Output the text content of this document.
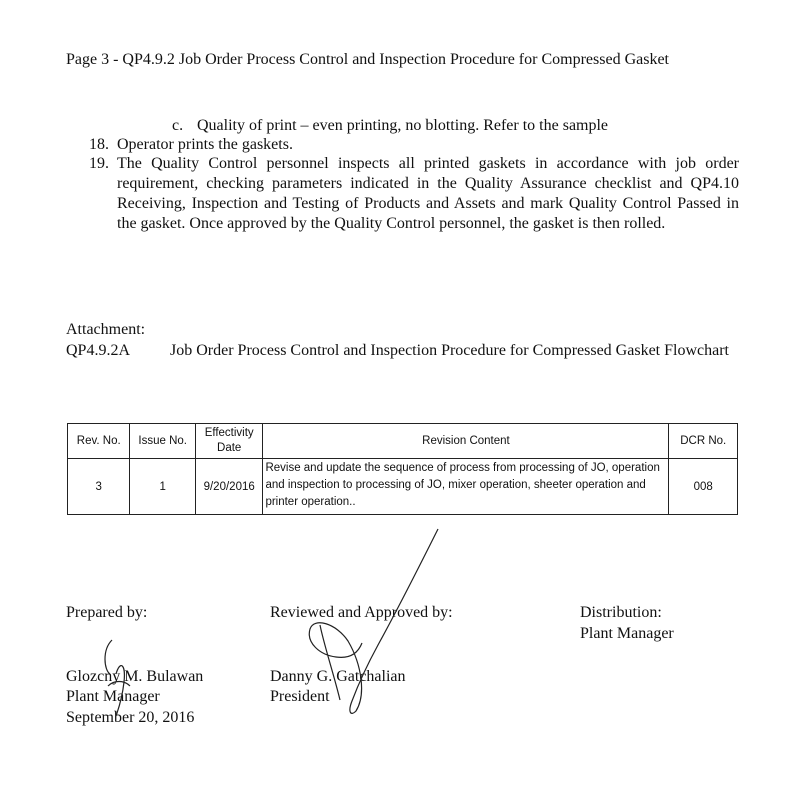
Page 3 - QP4.9.2 Job Order Process Control and Inspection Procedure for Compressed Gasket
c. Quality of print – even printing, no blotting. Refer to the sample
18. Operator prints the gaskets.
19. The Quality Control personnel inspects all printed gaskets in accordance with job order requirement, checking parameters indicated in the Quality Assurance checklist and QP4.10 Receiving, Inspection and Testing of Products and Assets and mark Quality Control Passed in the gasket. Once approved by the Quality Control personnel, the gasket is then rolled.
Attachment:
QP4.9.2A Job Order Process Control and Inspection Procedure for Compressed Gasket Flowchart
Rev. No.	Issue No.	Effectivity Date	Revision Content	DCR No.
3	1	9/20/2016	Revise and update the sequence of process from processing of JO, operation and inspection to processing of JO, mixer operation, sheeter operation and printer operation..	008
Prepared by:
Glozcny M. Bulawan
Plant Manager
September 20, 2016
Reviewed and Approved by:
Danny G. Gatchalian
President
Distribution:
Plant Manager
